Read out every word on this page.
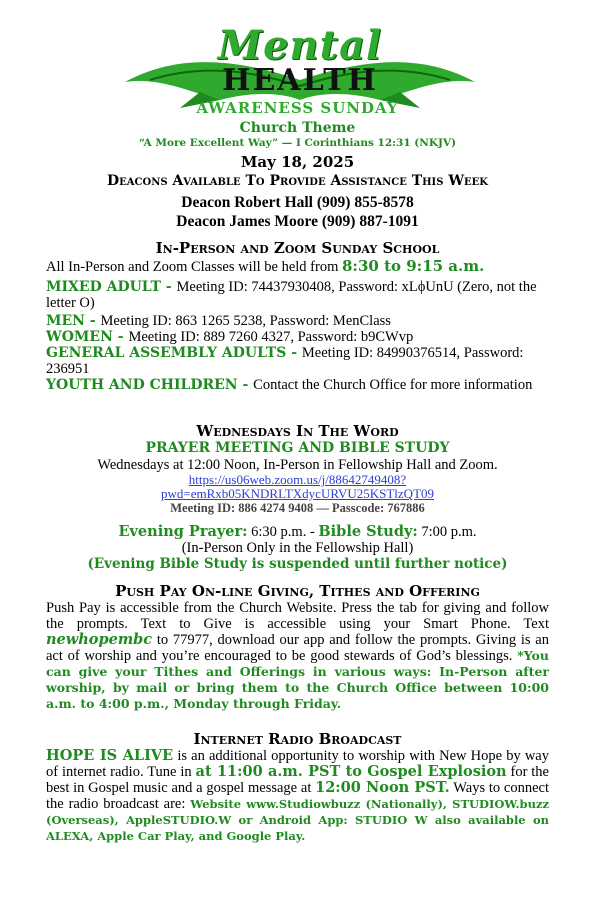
Mental
HEALTH
AWARENESS SUNDAY
Church Theme
“A More Excellent Way” — I Corinthians 12:31 (NKJV)
May 18, 2025
Deacons Available To Provide Assistance This Week
Deacon Robert Hall (909) 855-8578
Deacon James Moore (909) 887-1091
In-Person and Zoom Sunday School
All In-Person and Zoom Classes will be held from 8:30 to 9:15 a.m.
MIXED ADULT - Meeting ID: 74437930408, Password: xLϕUnU (Zero, not the letter O)
MEN - Meeting ID: 863 1265 5238, Password: MenClass
WOMEN - Meeting ID: 889 7260 4327, Password: b9CWvp
GENERAL ASSEMBLY ADULTS - Meeting ID: 84990376514, Password: 236951
YOUTH AND CHILDREN - Contact the Church Office for more information
Wednesdays In The Word
PRAYER MEETING AND BIBLE STUDY
Wednesdays at 12:00 Noon, In-Person in Fellowship Hall and Zoom.
https://us06web.zoom.us/j/88642749408?
pwd=emRxb05KNDRLTXdycURVU25KSTlzQT09
Meeting ID: 886 4274 9408 — Passcode: 767886
Evening Prayer: 6:30 p.m. - Bible Study: 7:00 p.m.
(In-Person Only in the Fellowship Hall)
(Evening Bible Study is suspended until further notice)
Push Pay On-line Giving, Tithes and Offering
Push Pay is accessible from the Church Website. Press the tab for giving and follow the prompts. Text to Give is accessible using your Smart Phone. Text newhopembc to 77977, download our app and follow the prompts. Giving is an act of worship and you’re encouraged to be good stewards of God’s blessings. *You can give your Tithes and Offerings in various ways: In-Person after worship, by mail or bring them to the Church Office between 10:00 a.m. to 4:00 p.m., Monday through Friday.
Internet Radio Broadcast
HOPE IS ALIVE is an additional opportunity to worship with New Hope by way of internet radio. Tune in at 11:00 a.m. PST to Gospel Explosion for the best in Gospel music and a gospel message at 12:00 Noon PST. Ways to connect the radio broadcast are: Website www.Studiowbuzz (Nationally), STUDIOW.buzz (Overseas), AppleSTUDIO.W or Android App: STUDIO W also available on ALEXA, Apple Car Play, and Google Play.
